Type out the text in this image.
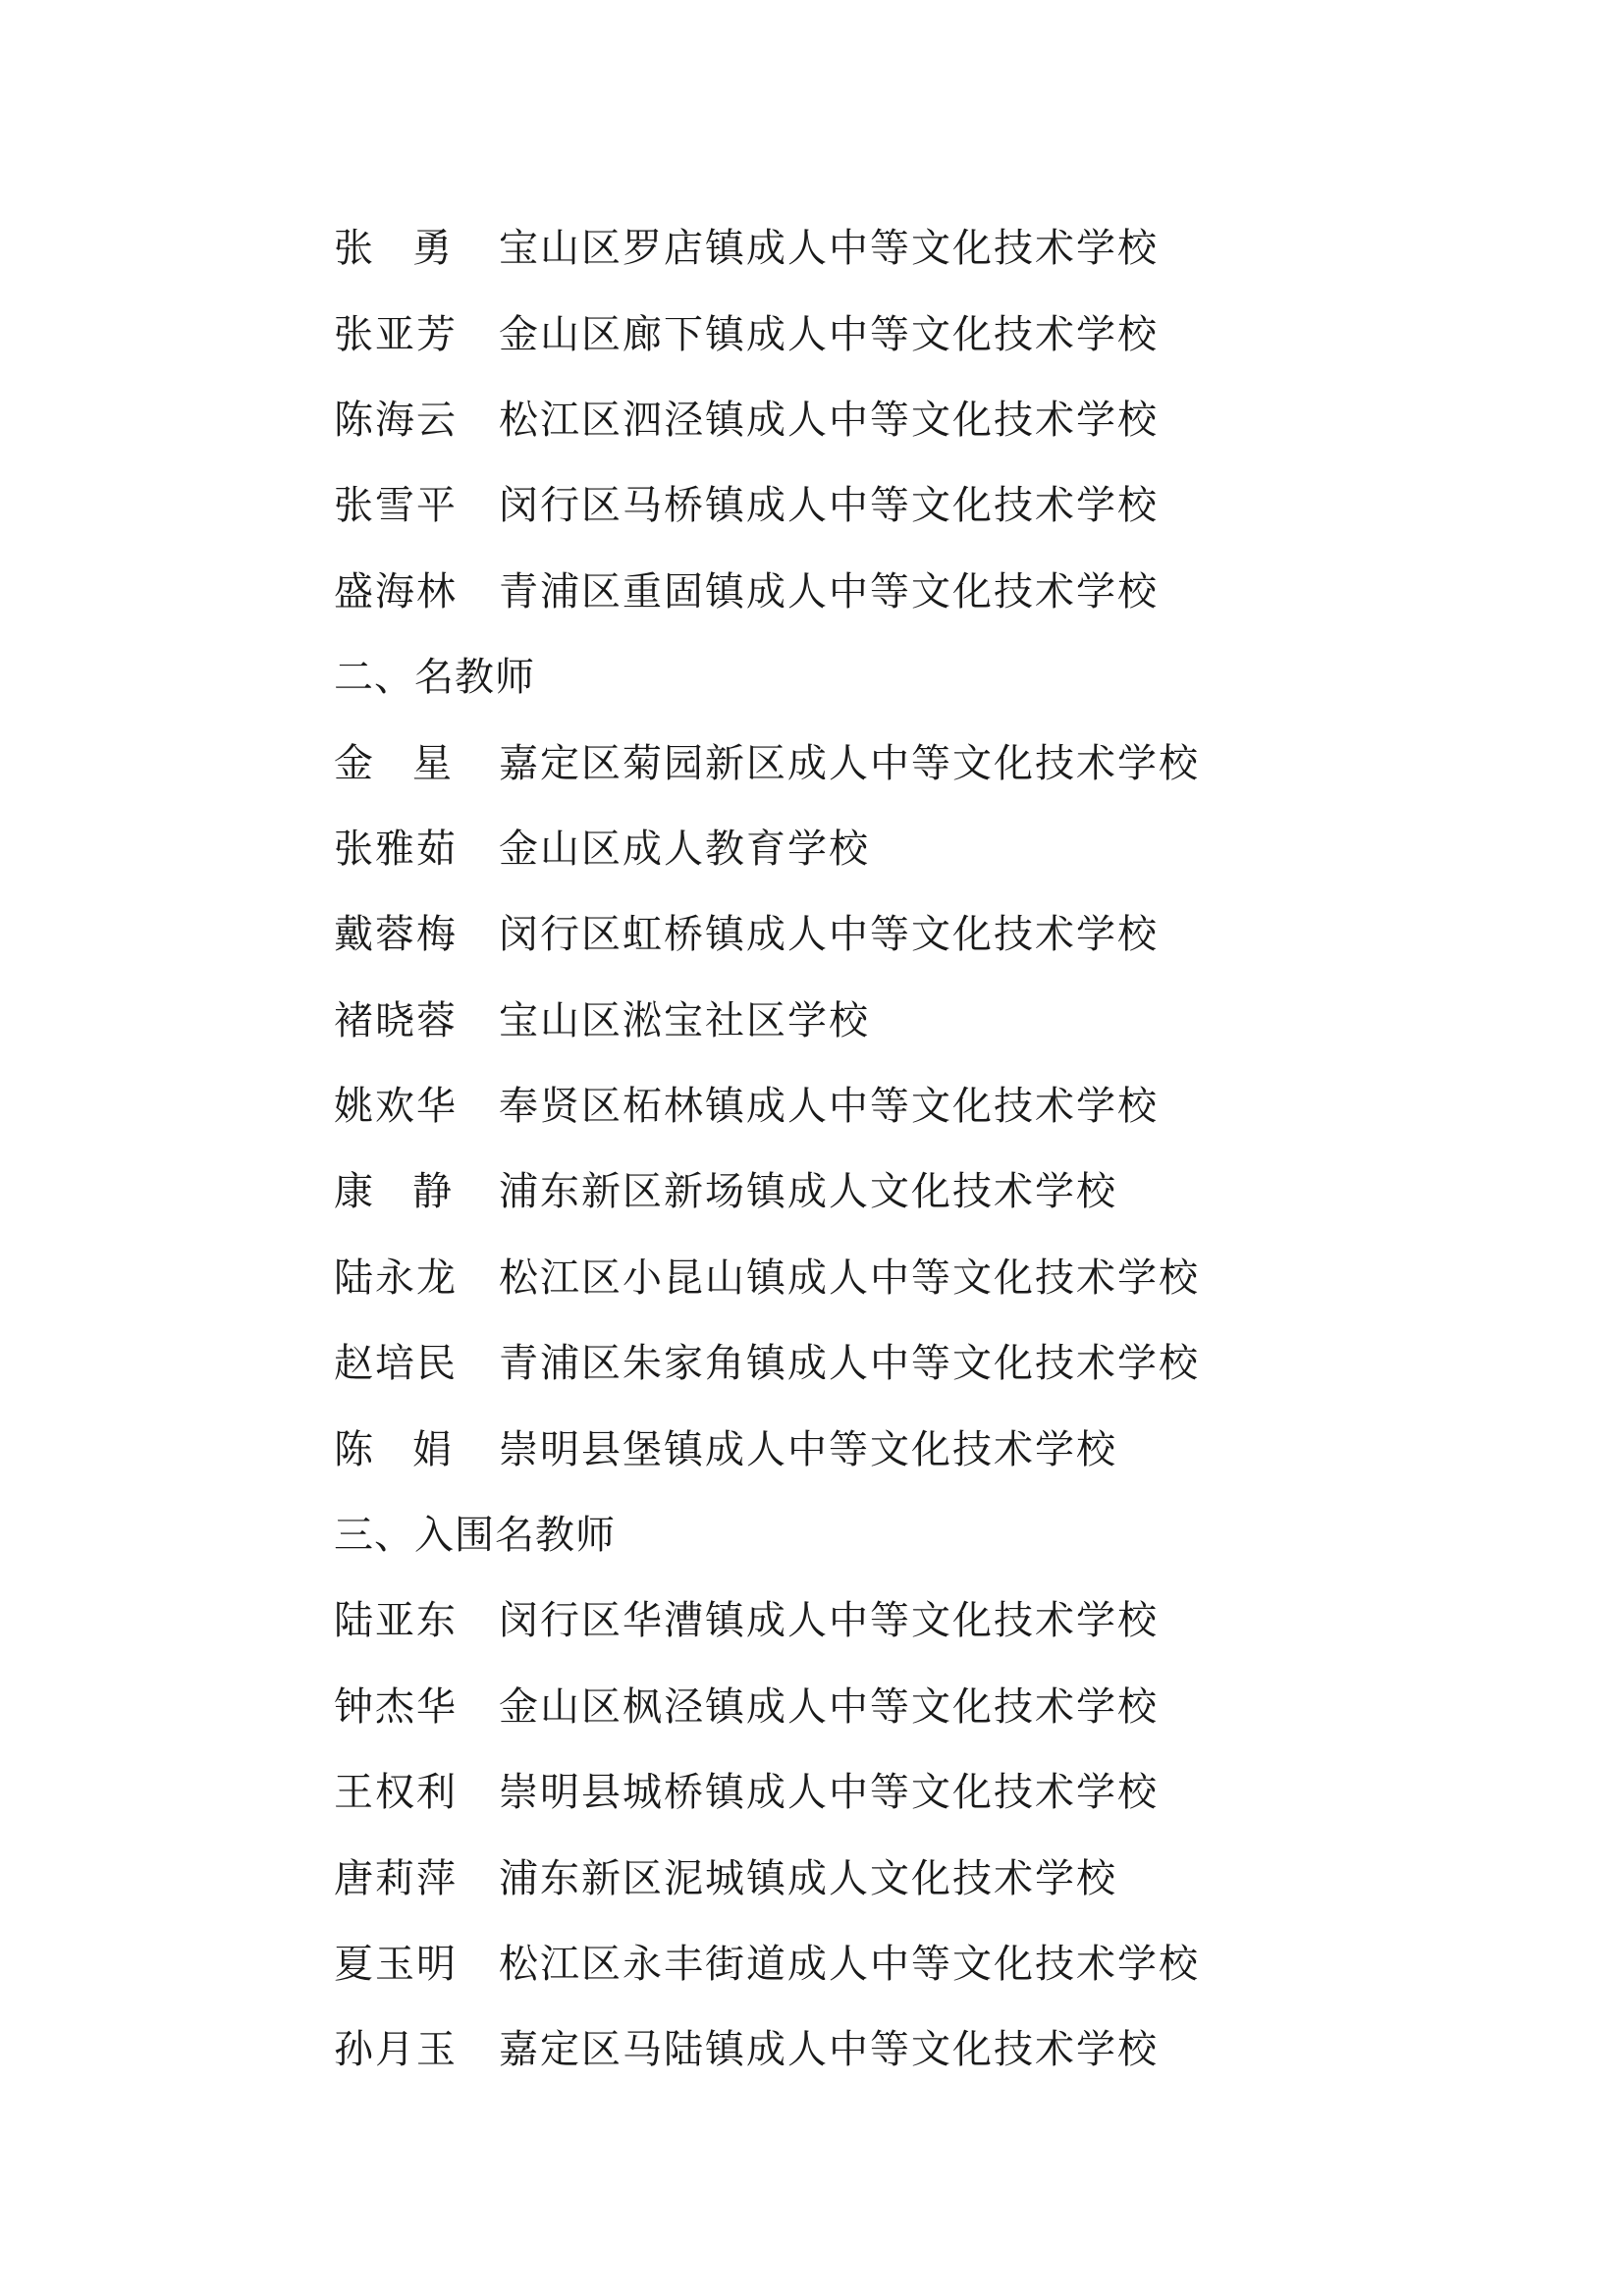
张 勇 宝山区罗店镇成人中等文化技术学校
张亚芳	金山区廊下镇成人中等文化技术学校
陈海云	松江区泗泾镇成人中等文化技术学校
张雪平	闵行区马桥镇成人中等文化技术学校
盛海林	青浦区重固镇成人中等文化技术学校
二、名教师
金 星 嘉定区菊园新区成人中等文化技术学校
张雅茹	金山区成人教育学校
戴蓉梅	闵行区虹桥镇成人中等文化技术学校
褚晓蓉	宝山区淞宝社区学校
姚欢华	奉贤区柘林镇成人中等文化技术学校
康 静 浦东新区新场镇成人文化技术学校
陆永龙	松江区小昆山镇成人中等文化技术学校
赵培民	青浦区朱家角镇成人中等文化技术学校
陈 娟 崇明县堡镇成人中等文化技术学校
三、入围名教师
陆亚东	闵行区华漕镇成人中等文化技术学校
钟杰华	金山区枫泾镇成人中等文化技术学校
王权利	崇明县城桥镇成人中等文化技术学校
唐莉萍	浦东新区泥城镇成人文化技术学校
夏玉明	松江区永丰街道成人中等文化技术学校
孙月玉	嘉定区马陆镇成人中等文化技术学校
